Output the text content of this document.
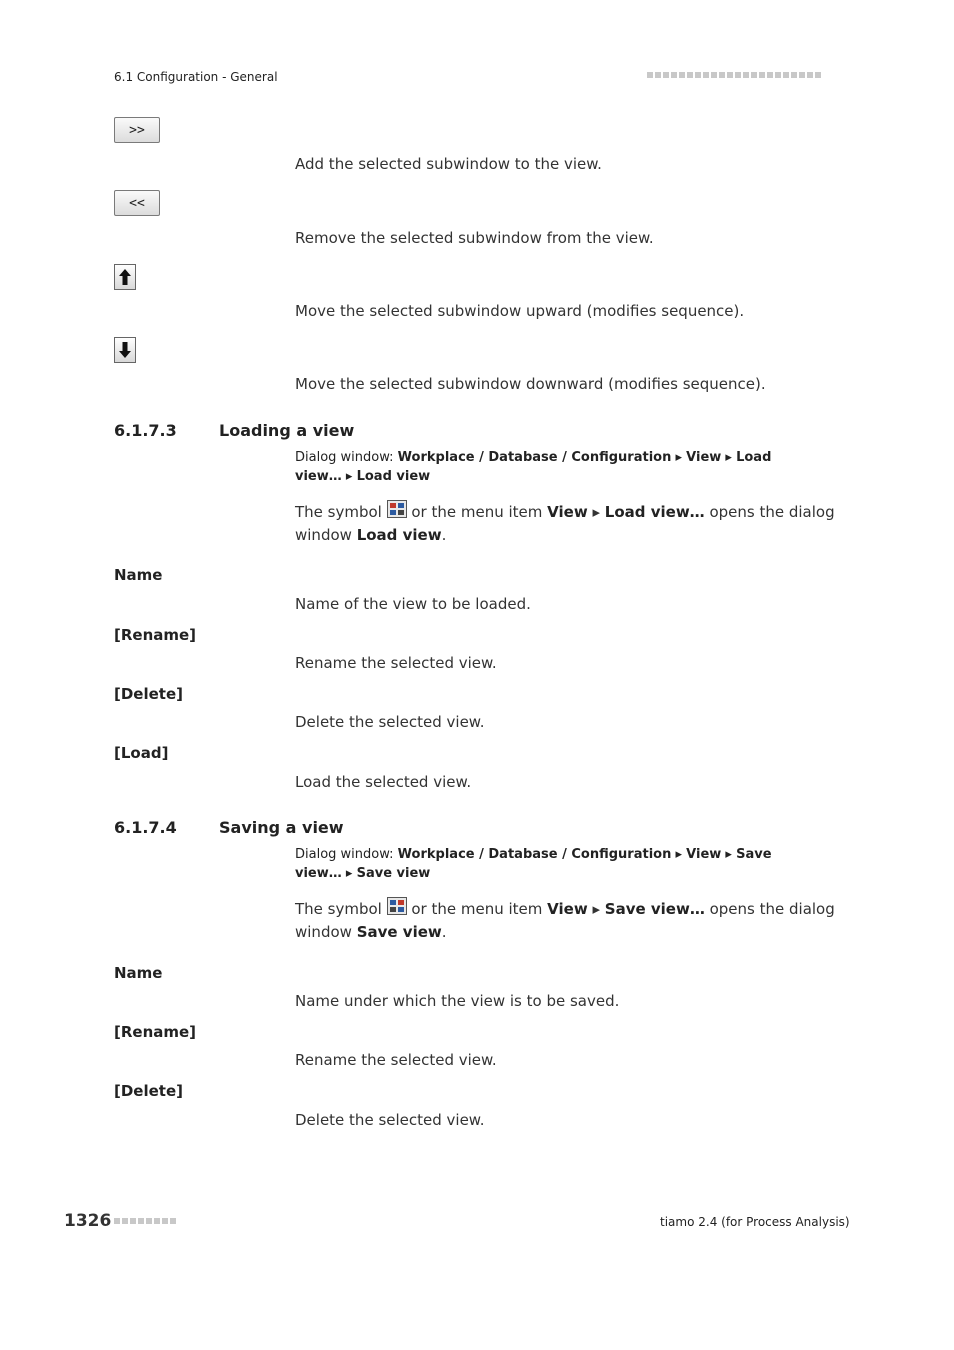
6.1 Configuration - General
>>
Add the selected subwindow to the view.
<<
Remove the selected subwindow from the view.
Move the selected subwindow upward (modifies sequence).
Move the selected subwindow downward (modifies sequence).
6.1.7.3	Loading a view
Dialog window: Workplace / Database / Configuration ▸ View ▸ Load
view… ▸ Load view
The symbol
or the menu item View ▸ Load view… opens the dialog window Load view.
Name
Name of the view to be loaded.
[Rename]
Rename the selected view.
[Delete]
Delete the selected view.
[Load]
Load the selected view.
6.1.7.4	Saving a view
Dialog window: Workplace / Database / Configuration ▸ View ▸ Save
view… ▸ Save view
The symbol
or the menu item View ▸ Save view… opens the dialog window Save view.
Name
Name under which the view is to be saved.
[Rename]
Rename the selected view.
[Delete]
Delete the selected view.
1326	tiamo 2.4 (for Process Analysis)
